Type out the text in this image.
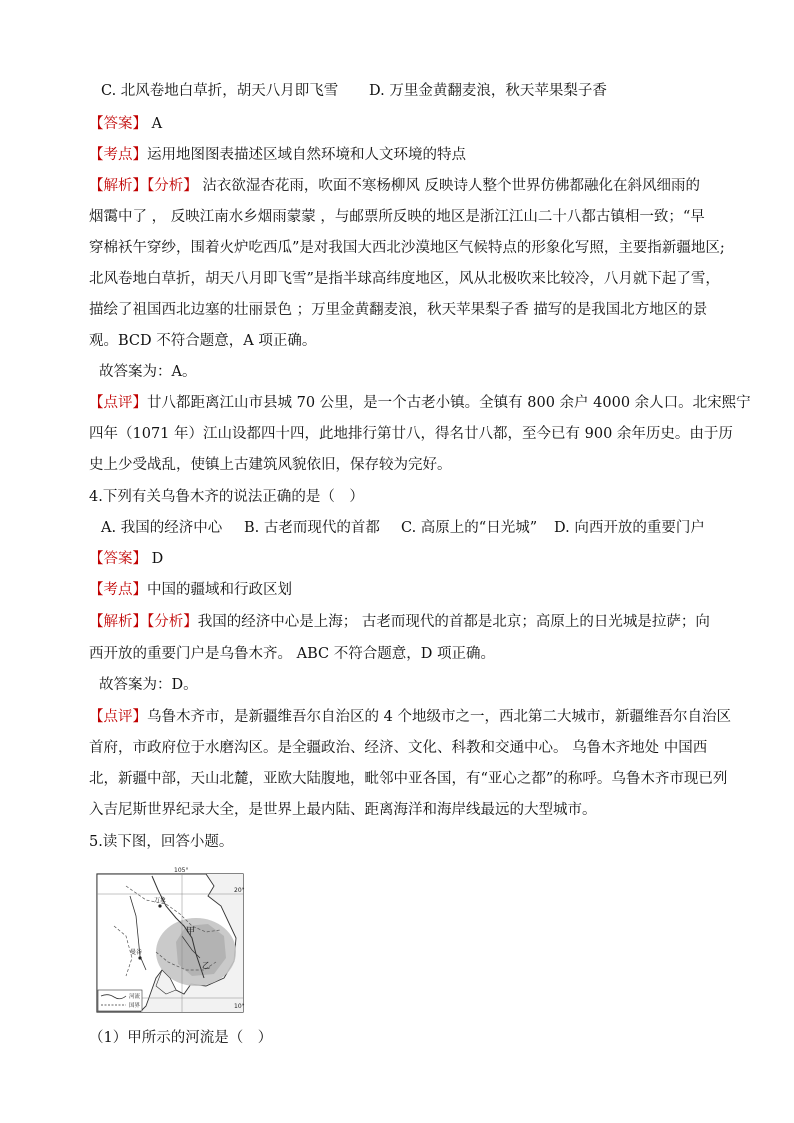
C. 北风卷地白草折，胡天八月即飞雪 D. 万里金黄翻麦浪，秋天苹果梨子香
【答案】 A
【考点】运用地图图表描述区域自然环境和人文环境的特点
【解析】【分析】 沾衣欲湿杏花雨，吹面不寒杨柳风 反映诗人整个世界仿佛都融化在斜风细雨的
烟霭中了 ， 反映江南水乡烟雨蒙蒙 ，与邮票所反映的地区是浙江江山二十八都古镇相一致；“早
穿棉袄午穿纱，围着火炉吃西瓜”是对我国大西北沙漠地区气候特点的形象化写照，主要指新疆地区;
北风卷地白草折，胡天八月即飞雪”是指半球高纬度地区，风从北极吹来比较冷，八月就下起了雪，
描绘了祖国西北边塞的壮丽景色 ；万里金黄翻麦浪，秋天苹果梨子香 描写的是我国北方地区的景
观。BCD 不符合题意，A 项正确。
故答案为：A。
【点评】廿八都距离江山市县城 70 公里，是一个古老小镇。全镇有 800 余户 4000 余人口。北宋熙宁
四年（1071 年）江山设都四十四，此地排行第廿八，得名廿八都，至今已有 900 余年历史。由于历
史上少受战乱，使镇上古建筑风貌依旧，保存较为完好。
4.下列有关乌鲁木齐的说法正确的是（　）
A. 我国的经济中心 B. 古老而现代的首都 C. 高原上的“日光城” D. 向西开放的重要门户
【答案】 D
【考点】中国的疆域和行政区划
【解析】【分析】我国的经济中心是上海； 古老而现代的首都是北京；高原上的日光城是拉萨；向
西开放的重要门户是乌鲁木齐。 ABC 不符合题意，D 项正确。
故答案为：D。
【点评】乌鲁木齐市，是新疆维吾尔自治区的 4 个地级市之一，西北第二大城市，新疆维吾尔自治区
首府，市政府位于水磨沟区。是全疆政治、经济、文化、科教和交通中心。 乌鲁木齐地处 中国西
北，新疆中部，天山北麓，亚欧大陆腹地，毗邻中亚各国，有“亚心之都”的称呼。乌鲁木齐市现已列
入吉尼斯世界纪录大全，是世界上最内陆、距离海洋和海岸线最远的大型城市。
5.读下图，回答小题。
105°
20°
10°
万象
曼谷
甲
乙
河流
国界
（1）甲所示的河流是（　）
